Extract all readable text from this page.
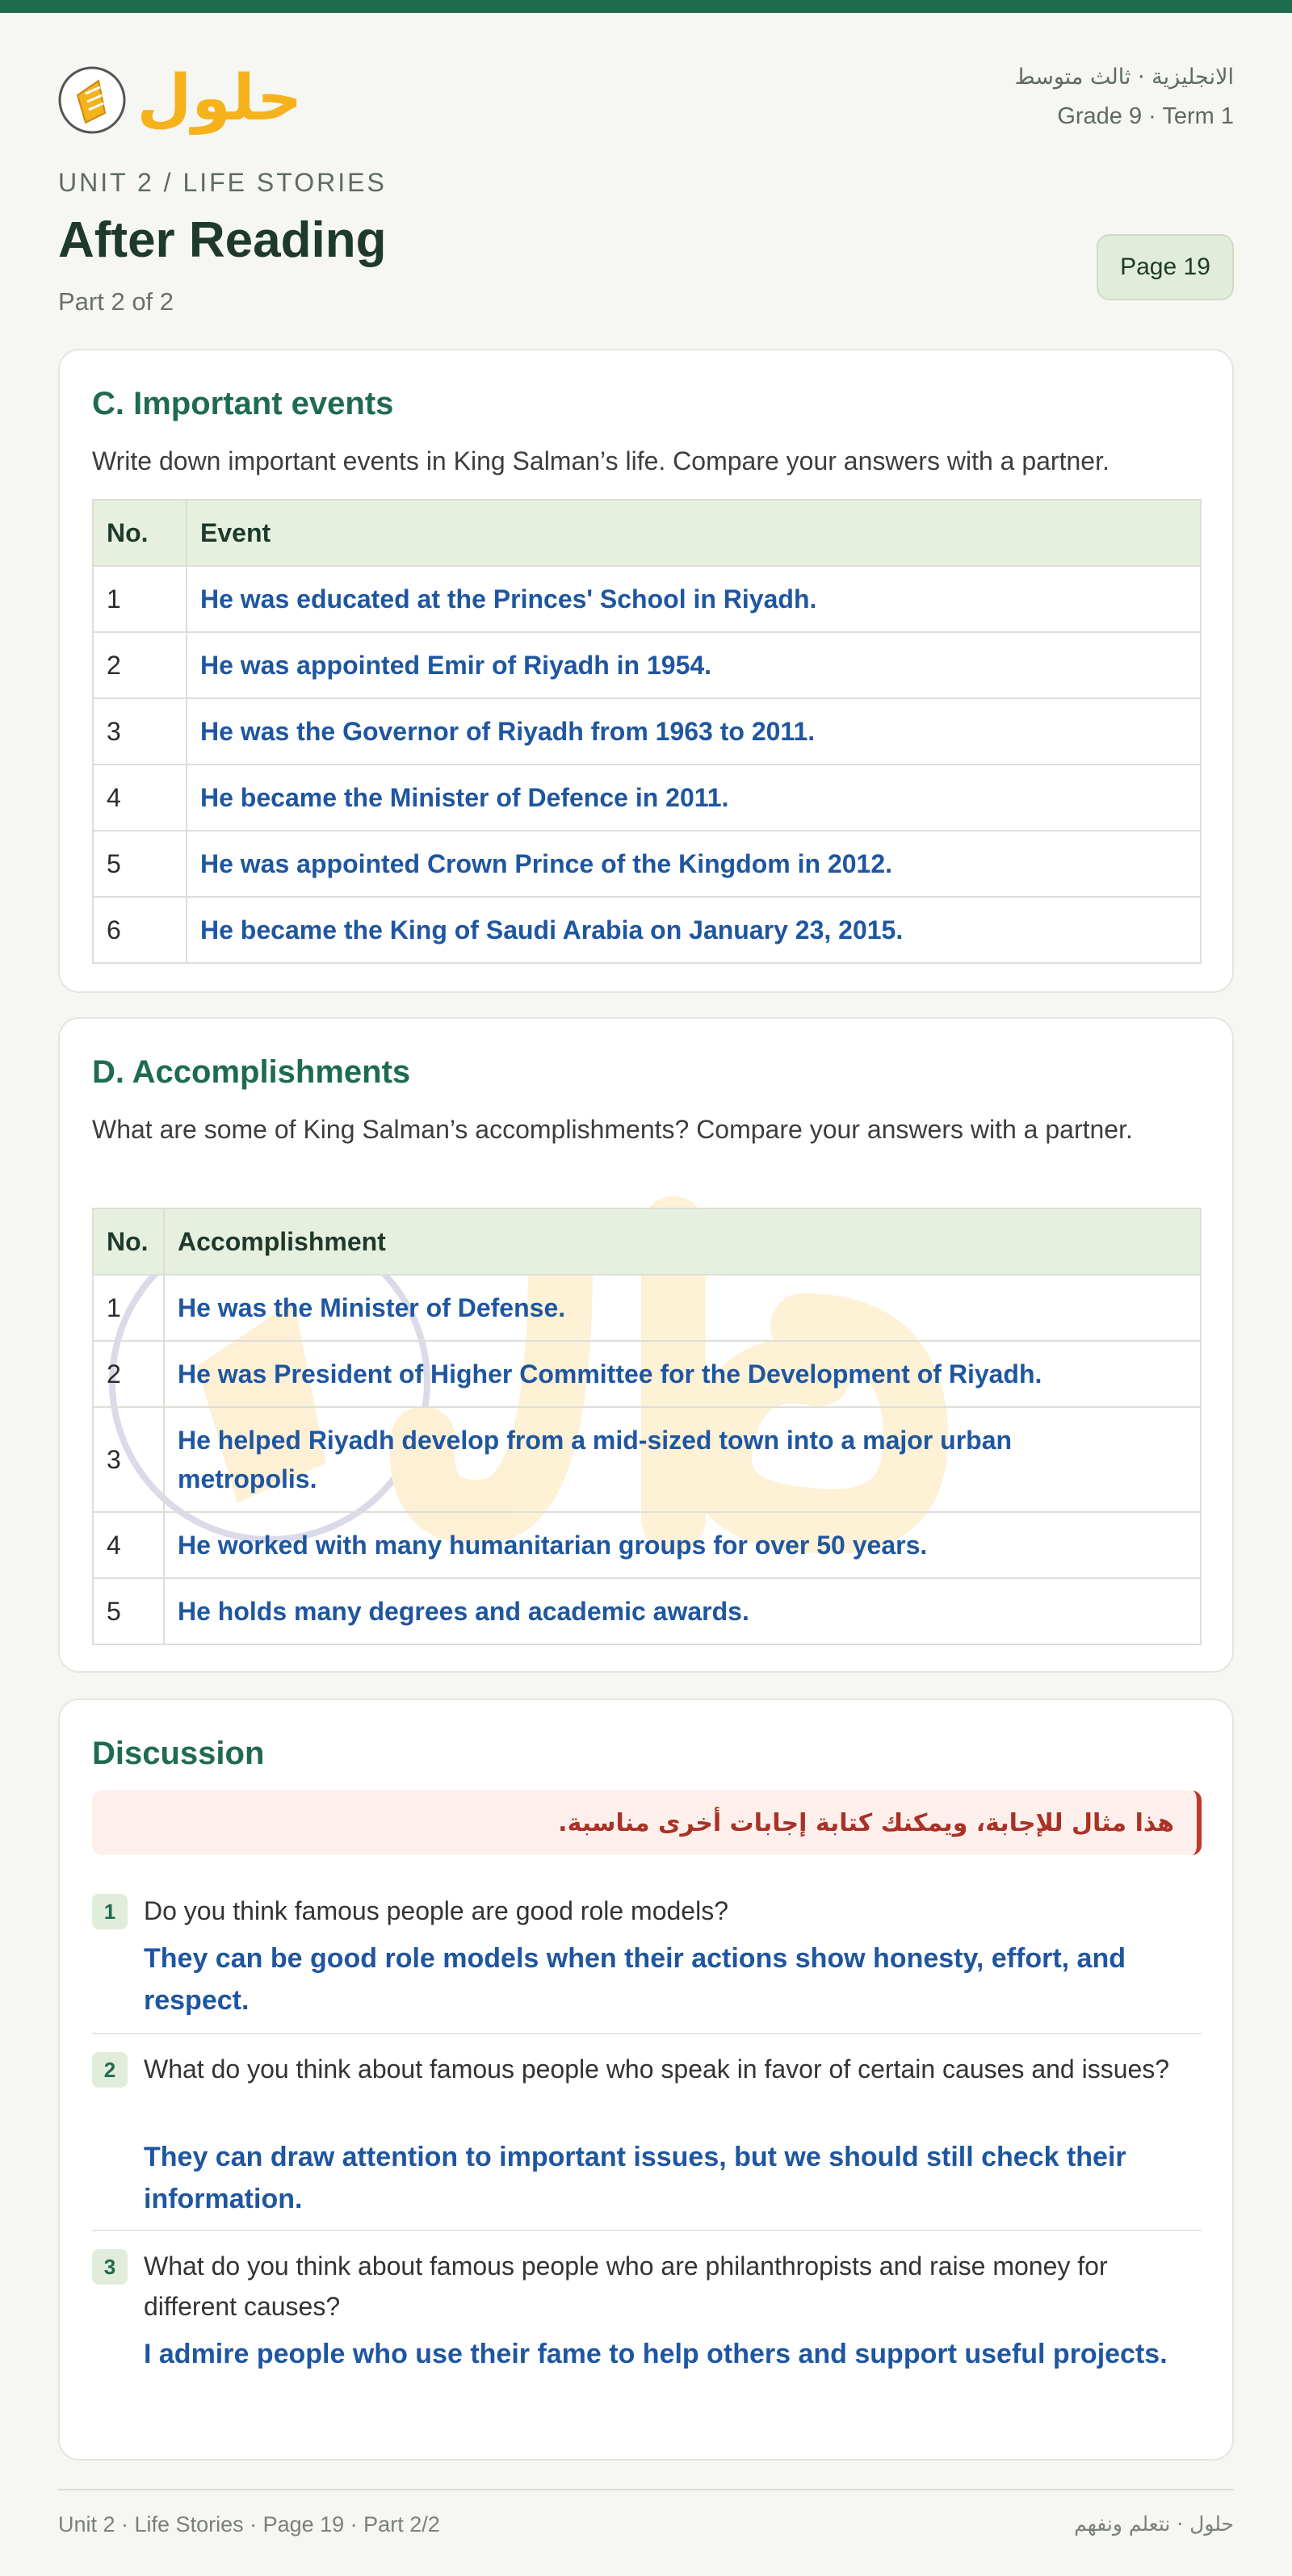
حلول	الانجليزية · ثالث متوسط
Grade 9 · Term 1
UNIT 2 / LIFE STORIES
After Reading
Part 2 of 2
Page 19
C. Important events
Write down important events in King Salman’s life. Compare your answers with a partner.
No.	Event
1	He was educated at the Princes' School in Riyadh.
2	He was appointed Emir of Riyadh in 1954.
3	He was the Governor of Riyadh from 1963 to 2011.
4	He became the Minister of Defence in 2011.
5	He was appointed Crown Prince of the Kingdom in 2012.
6	He became the King of Saudi Arabia on January 23, 2015.
D. Accomplishments
What are some of King Salman’s accomplishments? Compare your answers with a partner.
No.	Accomplishment
1	He was the Minister of Defense.
2	He was President of Higher Committee for the Development of Riyadh.
3	He helped Riyadh develop from a mid-sized town into a major urban metropolis.
4	He worked with many humanitarian groups for over 50 years.
5	He holds many degrees and academic awards.
Discussion
هذا مثال للإجابة، ويمكنك كتابة إجابات أخرى مناسبة.
1	Do you think famous people are good role models?
They can be good role models when their actions show honesty, effort, and respect.
2	What do you think about famous people who speak in favor of certain causes and issues?
They can draw attention to important issues, but we should still check their information.
3	What do you think about famous people who are philanthropists and raise money for different causes?
I admire people who use their fame to help others and support useful projects.
Unit 2 · Life Stories · Page 19 · Part 2/2	حلول · نتعلم ونفهم
